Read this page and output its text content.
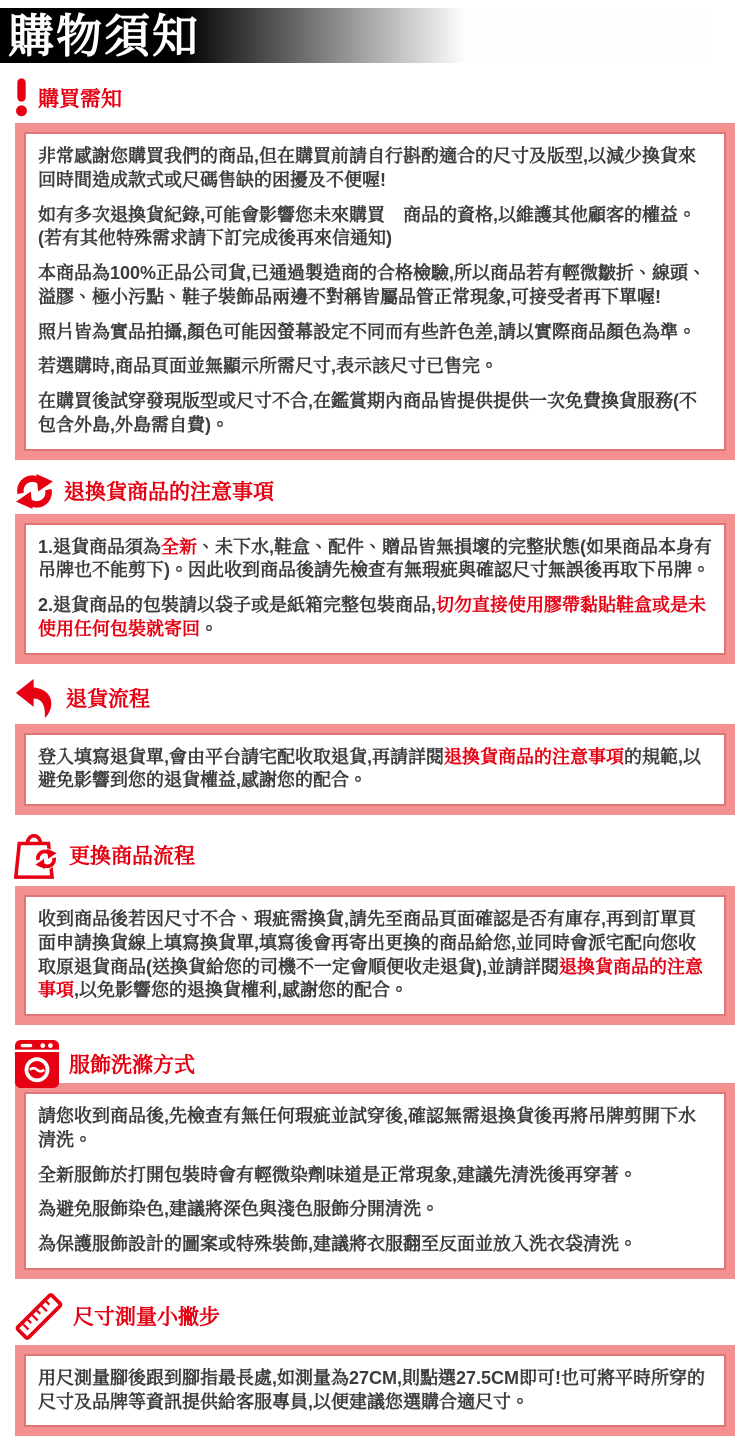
購物須知
購買需知

非常感謝您購買我們的商品,但在購買前請自行斟酌適合的尺寸及版型,以減少換貨來回時間造成款式或尺碼售缺的困擾及不便喔!

如有多次退換貨紀錄,可能會影響您未來購買　商品的資格,以維護其他顧客的權益。(若有其他特殊需求請下訂完成後再來信通知)

本商品為100%正品公司貨,已通過製造商的合格檢驗,所以商品若有輕微皺折、線頭、溢膠、極小污點、鞋子裝飾品兩邊不對稱皆屬品管正常現象,可接受者再下單喔!

照片皆為實品拍攝,顏色可能因螢幕設定不同而有些許色差,請以實際商品顏色為準。

若選購時,商品頁面並無顯示所需尺寸,表示該尺寸已售完。

在購買後試穿發現版型或尺寸不合,在鑑賞期內商品皆提供提供一次免費換貨服務(不包含外島,外島需自費)。

退換貨商品的注意事項

1.退貨商品須為全新、未下水,鞋盒、配件、贈品皆無損壞的完整狀態(如果商品本身有吊牌也不能剪下)。因此收到商品後請先檢查有無瑕疵與確認尺寸無誤後再取下吊牌。

2.退貨商品的包裝請以袋子或是紙箱完整包裝商品,切勿直接使用膠帶黏貼鞋盒或是未使用任何包裝就寄回。

退貨流程

登入填寫退貨單,會由平台請宅配收取退貨,再請詳閱退換貨商品的注意事項的規範,以避免影響到您的退貨權益,感謝您的配合。

更換商品流程

收到商品後若因尺寸不合、瑕疵需換貨,請先至商品頁面確認是否有庫存,再到訂單頁面申請換貨線上填寫換貨單,填寫後會再寄出更換的商品給您,並同時會派宅配向您收取原退貨商品(送換貨給您的司機不一定會順便收走退貨),並請詳閱退換貨商品的注意事項,以免影響您的退換貨權利,感謝您的配合。

服飾洗滌方式

請您收到商品後,先檢查有無任何瑕疵並試穿後,確認無需退換貨後再將吊牌剪開下水清洗。

全新服飾於打開包裝時會有輕微染劑味道是正常現象,建議先清洗後再穿著。

為避免服飾染色,建議將深色與淺色服飾分開清洗。

為保護服飾設計的圖案或特殊裝飾,建議將衣服翻至反面並放入洗衣袋清洗。

尺寸測量小撇步

用尺測量腳後跟到腳指最長處,如測量為27CM,則點選27.5CM即可!也可將平時所穿的尺寸及品牌等資訊提供給客服專員,以便建議您選購合適尺寸。
